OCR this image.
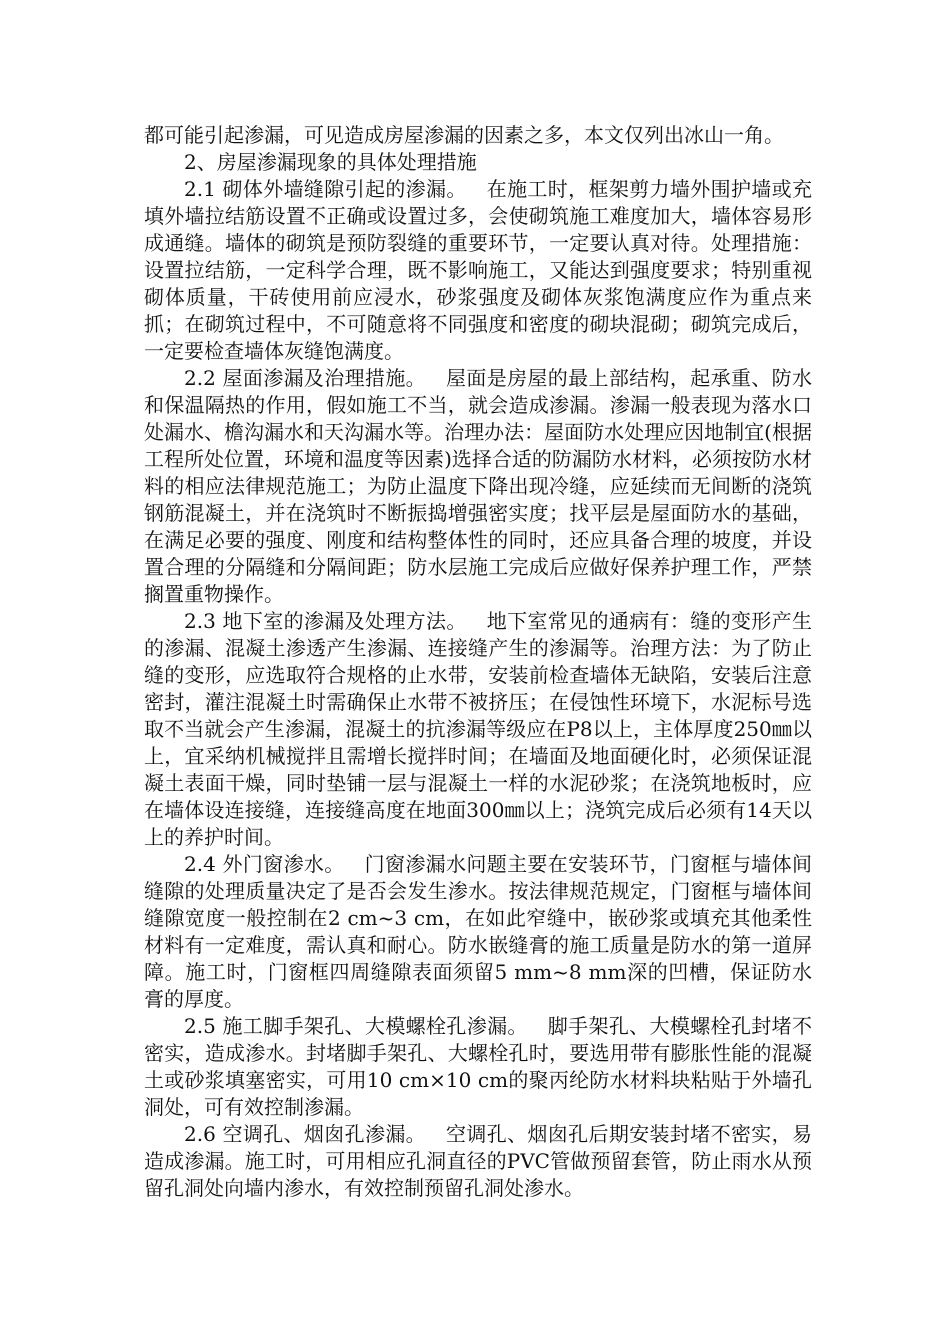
都可能引起渗漏，可见造成房屋渗漏的因素之多，本文仅列出冰山一角。

2、房屋渗漏现象的具体处理措施

2.1 砌体外墙缝隙引起的渗漏。 在施工时，框架剪力墙外围护墙或充填外墙拉结筋设置不正确或设置过多，会使砌筑施工难度加大，墙体容易形成通缝。墙体的砌筑是预防裂缝的重要环节，一定要认真对待。处理措施：设置拉结筋，一定科学合理，既不影响施工，又能达到强度要求；特别重视砌体质量，干砖使用前应浸水，砂浆强度及砌体灰浆饱满度应作为重点来抓；在砌筑过程中，不可随意将不同强度和密度的砌块混砌；砌筑完成后，一定要检查墙体灰缝饱满度。

2.2 屋面渗漏及治理措施。 屋面是房屋的最上部结构，起承重、防水和保温隔热的作用，假如施工不当，就会造成渗漏。渗漏一般表现为落水口处漏水、檐沟漏水和天沟漏水等。治理办法：屋面防水处理应因地制宜(根据工程所处位置，环境和温度等因素)选择合适的防漏防水材料，必须按防水材料的相应法律规范施工；为防止温度下降出现冷缝，应延续而无间断的浇筑钢筋混凝土，并在浇筑时不断振捣增强密实度；找平层是屋面防水的基础，在满足必要的强度、刚度和结构整体性的同时，还应具备合理的坡度，并设置合理的分隔缝和分隔间距；防水层施工完成后应做好保养护理工作，严禁搁置重物操作。

2.3 地下室的渗漏及处理方法。 地下室常见的通病有：缝的变形产生的渗漏、混凝土渗透产生渗漏、连接缝产生的渗漏等。治理方法：为了防止缝的变形，应选取符合规格的止水带，安装前检查墙体无缺陷，安装后注意密封，灌注混凝土时需确保止水带不被挤压；在侵蚀性环境下，水泥标号选取不当就会产生渗漏，混凝土的抗渗漏等级应在P8以上，主体厚度250㎜以上，宜采纳机械搅拌且需增长搅拌时间；在墙面及地面硬化时，必须保证混凝土表面干燥，同时垫铺一层与混凝土一样的水泥砂浆；在浇筑地板时，应在墙体设连接缝，连接缝高度在地面300㎜以上；浇筑完成后必须有14天以上的养护时间。

2.4 外门窗渗水。 门窗渗漏水问题主要在安装环节，门窗框与墙体间缝隙的处理质量决定了是否会发生渗水。按法律规范规定，门窗框与墙体间缝隙宽度一般控制在2 cm~3 cm，在如此窄缝中，嵌砂浆或填充其他柔性材料有一定难度，需认真和耐心。防水嵌缝膏的施工质量是防水的第一道屏障。施工时，门窗框四周缝隙表面须留5 mm~8 mm深的凹槽，保证防水膏的厚度。

2.5 施工脚手架孔、大模螺栓孔渗漏。 脚手架孔、大模螺栓孔封堵不密实，造成渗水。封堵脚手架孔、大螺栓孔时，要选用带有膨胀性能的混凝土或砂浆填塞密实，可用10 cm×10 cm的聚丙纶防水材料块粘贴于外墙孔洞处，可有效控制渗漏。

2.6 空调孔、烟囱孔渗漏。 空调孔、烟囱孔后期安装封堵不密实，易造成渗漏。施工时，可用相应孔洞直径的PVC管做预留套管，防止雨水从预留孔洞处向墙内渗水，有效控制预留孔洞处渗水。
